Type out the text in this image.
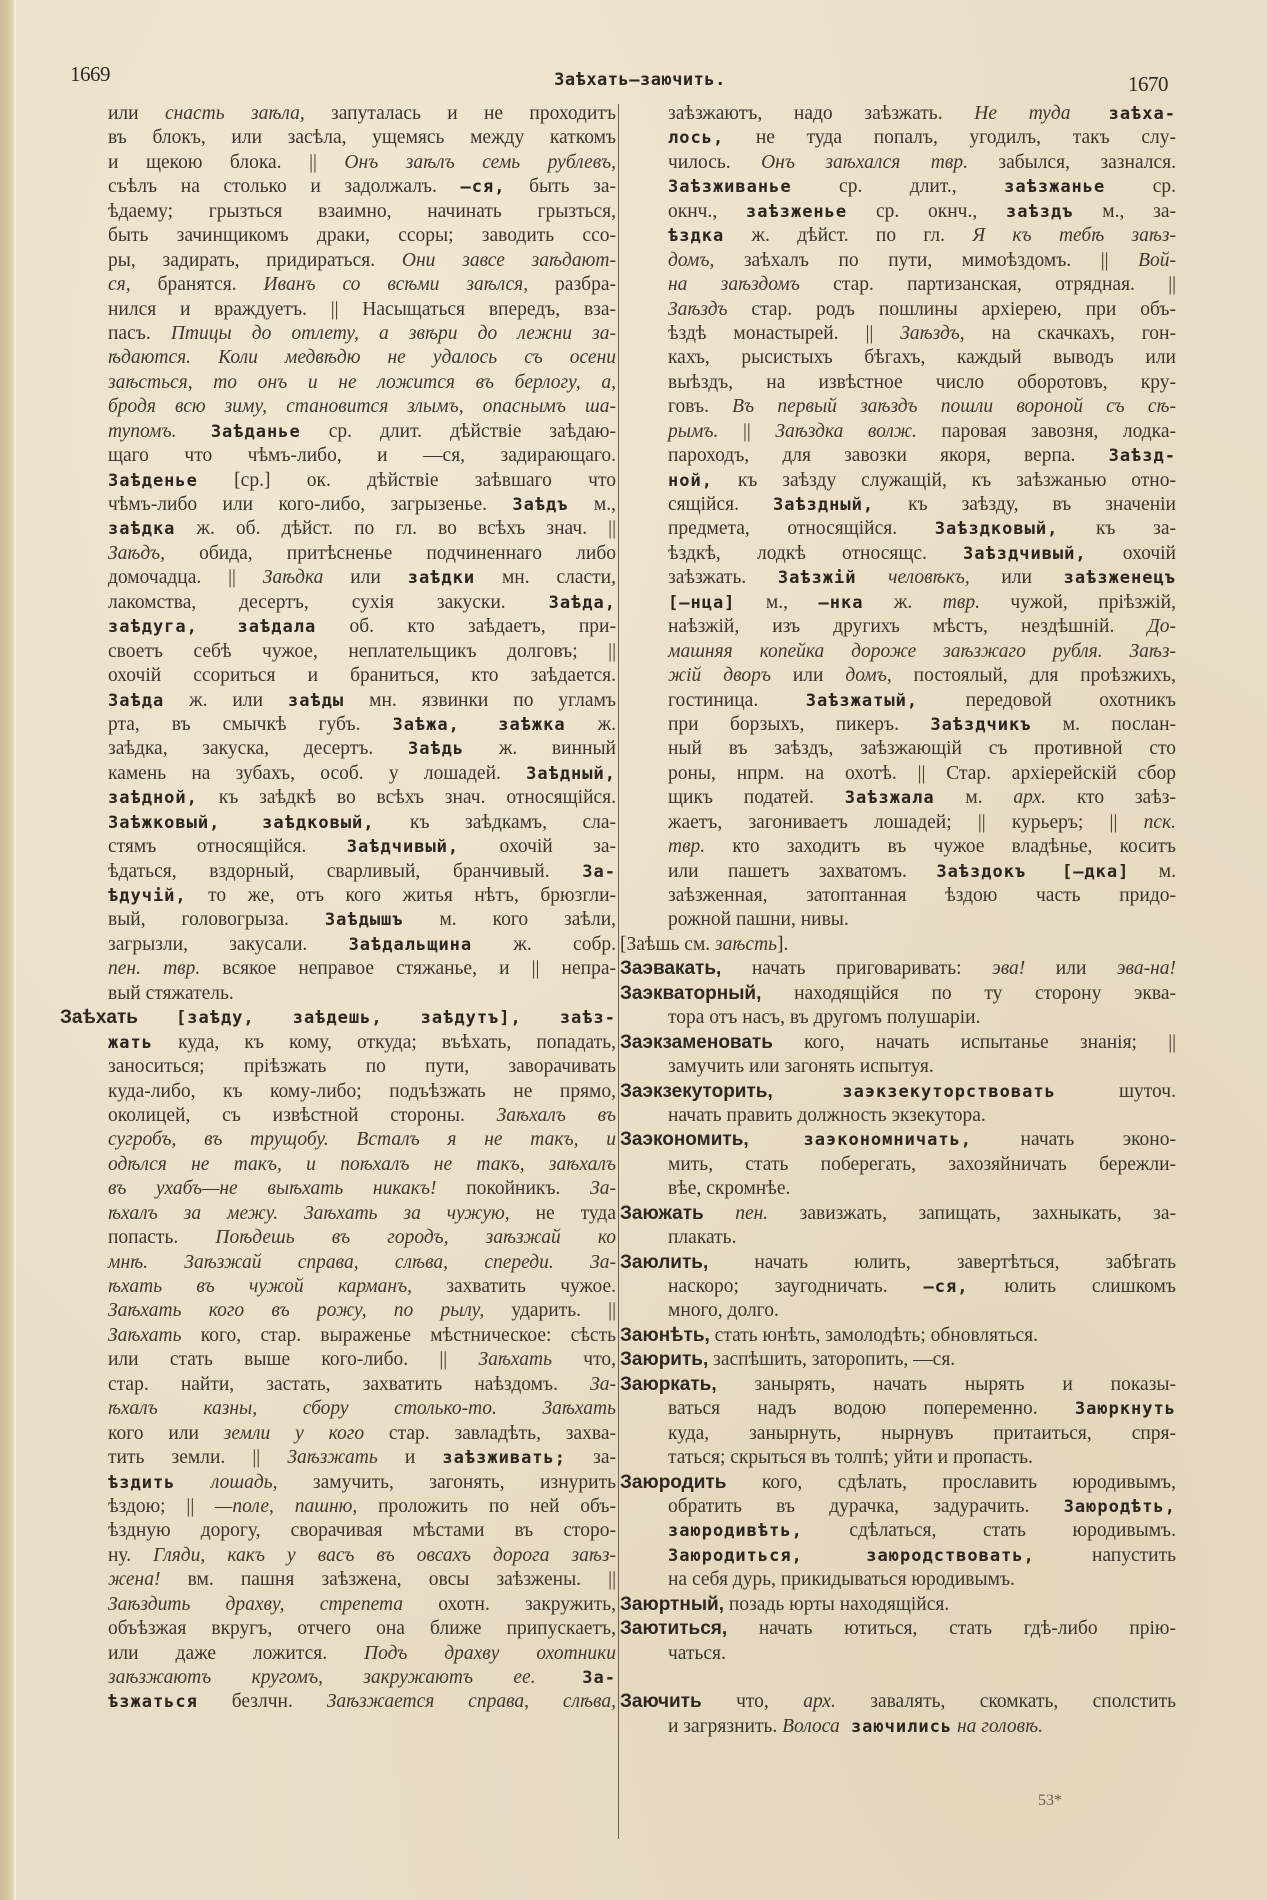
1669	Заѣхать—заючить.	1670
или снасть заѣла, запуталась и не проходитъ
въ блокъ, или засѣла, ущемясь между каткомъ
и щекою блока. || Онъ заѣлъ семь рублевъ,
съѣлъ на столько и задолжалъ. —ся, быть за-
ѣдаему; грызться взаимно, начинать грызться,
быть зачинщикомъ драки, ссоры; заводить ссо-
ры, задирать, придираться. Они завсе заѣдают-
ся, бранятся. Иванъ со всѣми заѣлся, разбра-
нился и враждуетъ. || Насыщаться впередъ, вза-
пасъ. Птицы до отлету, а звѣри до лежни за-
ѣдаются. Коли медвѣдю не удалось съ осени
заѣсться, то онъ и не ложится въ берлогу, а,
бродя всю зиму, становится злымъ, опаснымъ ша-
тупомъ. Заѣданье ср. длит. дѣйствіе заѣдаю-
щаго что чѣмъ-либо, и —ся, задирающаго.
Заѣденье [ср.] ок. дѣйствіе заѣвшаго что
чѣмъ-либо или кого-либо, загрызенье. Заѣдъ м.,
заѣдка ж. об. дѣйст. по гл. во всѣхъ знач. ||
Заѣдъ, обида, притѣсненье подчиненнаго либо
домочадца. || Заѣдка или заѣдки мн. сласти,
лакомства, десертъ, сухія закуски. Заѣда,
заѣдуга, заѣдала об. кто заѣдаетъ, при-
своетъ себѣ чужое, неплательщикъ долговъ; ||
охочій ссориться и браниться, кто заѣдается.
Заѣда ж. или заѣды мн. язвинки по угламъ
рта, въ смычкѣ губъ. Заѣжа, заѣжка ж.
заѣдка, закуска, десертъ. Заѣдь ж. винный
камень на зубахъ, особ. у лошадей. Заѣдный,
заѣдной, къ заѣдкѣ во всѣхъ знач. относящійся.
Заѣжковый, заѣдковый, къ заѣдкамъ, сла-
стямъ относящійся. Заѣдчивый, охочій за-
ѣдаться, вздорный, сварливый, бранчивый. За-
ѣдучій, то же, отъ кого житья нѣтъ, брюзгли-
вый, головогрыза. Заѣдышъ м. кого заѣли,
загрызли, закусали. Заѣдальщина ж. собр.
пен. твр. всякое неправое стяжанье, и || непра-
вый стяжатель.
Заѣхать [заѣду, заѣдешь, заѣдутъ], заѣз-
жать куда, къ кому, откуда; въѣхать, попадать,
заноситься; пріѣзжать по пути, заворачивать
куда-либо, къ кому-либо; подъѣзжать не прямо,
околицей, съ извѣстной стороны. Заѣхалъ въ
сугробъ, въ трущобу. Всталъ я не такъ, и
одѣлся не такъ, и поѣхалъ не такъ, заѣхалъ
въ ухабъ—не выѣхать никакъ! покойникъ. За-
ѣхалъ за межу. Заѣхать за чужую, не туда
попасть. Поѣдешь въ городъ, заѣзжай ко
мнѣ. Заѣзжай справа, слѣва, спереди. За-
ѣхать въ чужой карманъ, захватить чужое.
Заѣхать кого въ рожу, по рылу, ударить. ||
Заѣхать кого, стар. выраженье мѣстническое: сѣсть
или стать выше кого-либо. || Заѣхать что,
стар. найти, застать, захватить наѣздомъ. За-
ѣхалъ казны, сбору столько-то. Заѣхать
кого или земли у кого стар. завладѣть, захва-
тить земли. || Заѣзжать и заѣзживать; за-
ѣздить лошадь, замучить, загонять, изнурить
ѣздою; || —поле, пашню, проложить по ней объ-
ѣздную дорогу, сворачивая мѣстами въ сторо-
ну. Гляди, какъ у васъ въ овсахъ дорога заѣз-
жена! вм. пашня заѣзжена, овсы заѣзжены. ||
Заѣздить драхву, стрепета охотн. закружить,
объѣзжая вкругъ, отчего она ближе припускаетъ,
или даже ложится. Подъ драхву охотники
заѣзжаютъ кругомъ, закружаютъ ее. За-
ѣзжаться безлчн. Заѣзжается справа, слѣва,
заѣзжаютъ, надо заѣзжать. Не туда заѣха-
лось, не туда попалъ, угодилъ, такъ слу-
чилось. Онъ заѣхался твр. забылся, зазнался.
Заѣзживанье ср. длит., заѣзжанье ср.
окнч., заѣзженье ср. окнч., заѣздъ м., за-
ѣздка ж. дѣйст. по гл. Я къ тебѣ заѣз-
домъ, заѣхалъ по пути, мимоѣздомъ. || Вой-
на заѣздомъ стар. партизанская, отрядная. ||
Заѣздъ стар. родъ пошлины архіерею, при объ-
ѣздѣ монастырей. || Заѣздъ, на скачкахъ, гон-
кахъ, рысистыхъ бѣгахъ, каждый выводъ или
выѣздъ, на извѣстное число оборотовъ, кру-
говъ. Въ первый заѣздъ пошли вороной съ сѣ-
рымъ. || Заѣздка волж. паровая завозня, лодка-
пароходъ, для завозки якоря, верпа. Заѣзд-
ной, къ заѣзду служащій, къ заѣзжанью отно-
сящійся. Заѣздный, къ заѣзду, въ значеніи
предмета, относящійся. Заѣздковый, къ за-
ѣздкѣ, лодкѣ относящс. Заѣздчивый, охочій
заѣзжать. Заѣзжій человѣкъ, или заѣзженецъ
[—нца] м., —нка ж. твр. чужой, пріѣзжій,
наѣзжій, изъ другихъ мѣстъ, нездѣшній. До-
машняя копейка дороже заѣзжаго рубля. Заѣз-
жій дворъ или домъ, постоялый, для проѣзжихъ,
гостиница. Заѣзжатый, передовой охотникъ
при борзыхъ, пикеръ. Заѣздчикъ м. послан-
ный въ заѣздъ, заѣзжающій съ противной сто
роны, нпрм. на охотѣ. || Стар. архіерейскій сбор
щикъ податей. Заѣзжала м. арх. кто заѣз-
жаетъ, загониваетъ лошадей; || курьеръ; || пск.
твр. кто заходитъ въ чужое владѣнье, коситъ
или пашетъ захватомъ. Заѣздокъ [—дка] м.
заѣзженная, затоптанная ѣздою часть придо-
рожной пашни, нивы.
[Заѣшь см. заѣсть].
Заэвакать, начать приговаривать: эва! или эва-на!
Заэкваторный, находящійся по ту сторону эква-
тора отъ насъ, въ другомъ полушаріи.
Заэкзаменовать кого, начать испытанье знанія; ||
замучить или загонять испытуя.
Заэкзекуторить, заэкзекуторствовать шуточ.
начать править должность экзекутора.
Заэкономить, заэкономничать, начать эконо-
мить, стать поберегать, захозяйничать бережли-
вѣе, скромнѣе.
Заюжать пен. завизжать, запищать, захныкать, за-
плакать.
Заюлить, начать юлить, завертѣться, забѣгать
наскоро; заугодничать. —ся, юлить слишкомъ
много, долго.
Заюнѣть, стать юнѣть, замолодѣть; обновляться.
Заюрить, заспѣшить, заторопить, —ся.
Заюркать, занырять, начать нырять и показы-
ваться надъ водою попеременно. Заюркнуть
куда, занырнуть, нырнувъ притаиться, спря-
таться; скрыться въ толпѣ; уйти и пропасть.
Заюродить кого, сдѣлать, прославить юродивымъ,
обратить въ дурачка, задурачить. Заюродѣть,
заюродивѣть, сдѣлаться, стать юродивымъ.
Заюродиться, заюродствовать, напустить
на себя дурь, прикидываться юродивымъ.
Заюртный, позадь юрты находящійся.
Заютиться, начать ютиться, стать гдѣ-либо прію-
чаться.
Заючить что, арх. завалять, скомкать, сполстить
и загрязнить. Волоса заючились на головѣ.
53*
